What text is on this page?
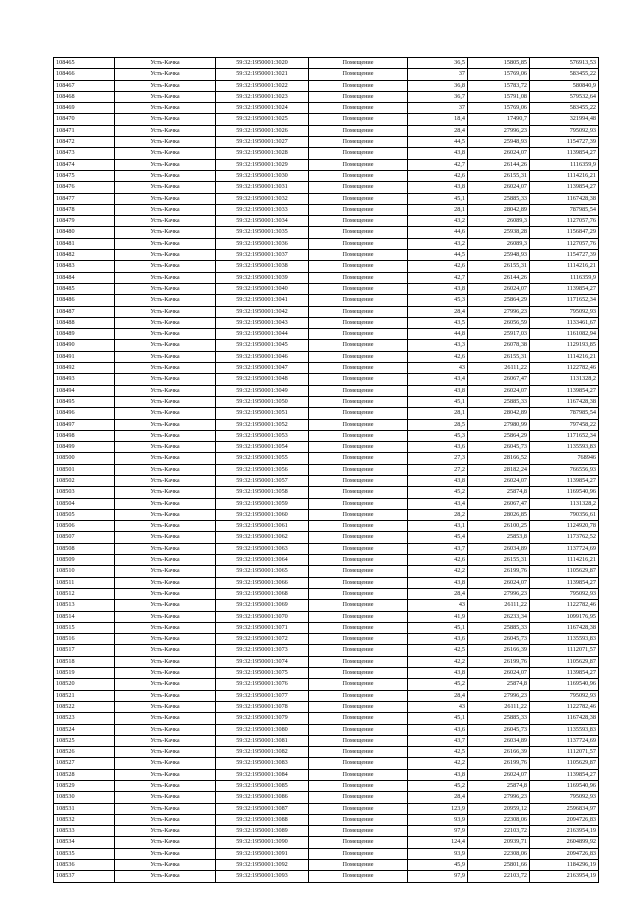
108465	Усть-Качка	59:32:1950001:3020	Помещение	36,5	15805,85	576913,53
108466	Усть-Качка	59:32:1950001:3021	Помещение	37	15769,06	583455,22
108467	Усть-Качка	59:32:1950001:3022	Помещение	36,8	15783,72	580840,9
108468	Усть-Качка	59:32:1950001:3023	Помещение	36,7	15791,08	579532,64
108469	Усть-Качка	59:32:1950001:3024	Помещение	37	15769,06	583455,22
108470	Усть-Качка	59:32:1950001:3025	Помещение	18,4	17490,7	321994,48
108471	Усть-Качка	59:32:1950001:3026	Помещение	28,4	27996,23	795092,93
108472	Усть-Качка	59:32:1950001:3027	Помещение	44,5	25948,93	1154727,39
108473	Усть-Качка	59:32:1950001:3028	Помещение	43,8	26024,07	1139854,27
108474	Усть-Качка	59:32:1950001:3029	Помещение	42,7	26144,26	1116359,9
108475	Усть-Качка	59:32:1950001:3030	Помещение	42,6	26155,31	1114216,21
108476	Усть-Качка	59:32:1950001:3031	Помещение	43,8	26024,07	1139854,27
108477	Усть-Качка	59:32:1950001:3032	Помещение	45,1	25885,33	1167428,38
108478	Усть-Качка	59:32:1950001:3033	Помещение	28,1	28042,89	787985,54
108479	Усть-Качка	59:32:1950001:3034	Помещение	43,2	26089,3	1127057,76
108480	Усть-Качка	59:32:1950001:3035	Помещение	44,6	25938,28	1156847,29
108481	Усть-Качка	59:32:1950001:3036	Помещение	43,2	26089,3	1127057,76
108482	Усть-Качка	59:32:1950001:3037	Помещение	44,5	25948,93	1154727,39
108483	Усть-Качка	59:32:1950001:3038	Помещение	42,6	26155,31	1114216,21
108484	Усть-Качка	59:32:1950001:3039	Помещение	42,7	26144,26	1116359,9
108485	Усть-Качка	59:32:1950001:3040	Помещение	43,8	26024,07	1139854,27
108486	Усть-Качка	59:32:1950001:3041	Помещение	45,3	25864,29	1171652,34
108487	Усть-Качка	59:32:1950001:3042	Помещение	28,4	27996,23	795092,93
108488	Усть-Качка	59:32:1950001:3043	Помещение	43,5	26056,59	1133461,67
108489	Усть-Качка	59:32:1950001:3044	Помещение	44,8	25917,03	1161082,94
108490	Усть-Качка	59:32:1950001:3045	Помещение	43,3	26078,38	1129193,85
108491	Усть-Качка	59:32:1950001:3046	Помещение	42,6	26155,31	1114216,21
108492	Усть-Качка	59:32:1950001:3047	Помещение	43	26111,22	1122782,46
108493	Усть-Качка	59:32:1950001:3048	Помещение	43,4	26067,47	1131328,2
108494	Усть-Качка	59:32:1950001:3049	Помещение	43,8	26024,07	1139854,27
108495	Усть-Качка	59:32:1950001:3050	Помещение	45,1	25885,33	1167428,38
108496	Усть-Качка	59:32:1950001:3051	Помещение	28,1	28042,89	787985,54
108497	Усть-Качка	59:32:1950001:3052	Помещение	28,5	27980,99	797458,22
108498	Усть-Качка	59:32:1950001:3053	Помещение	45,3	25864,29	1171652,34
108499	Усть-Качка	59:32:1950001:3054	Помещение	43,6	26045,73	1135593,83
108500	Усть-Качка	59:32:1950001:3055	Помещение	27,3	28166,52	768946
108501	Усть-Качка	59:32:1950001:3056	Помещение	27,2	28182,24	766556,93
108502	Усть-Качка	59:32:1950001:3057	Помещение	43,8	26024,07	1139854,27
108503	Усть-Качка	59:32:1950001:3058	Помещение	45,2	25874,8	1169540,96
108504	Усть-Качка	59:32:1950001:3059	Помещение	43,4	26067,47	1131328,2
108505	Усть-Качка	59:32:1950001:3060	Помещение	28,2	28026,85	790356,61
108506	Усть-Качка	59:32:1950001:3061	Помещение	43,1	26100,25	1124920,78
108507	Усть-Качка	59:32:1950001:3062	Помещение	45,4	25853,8	1173762,52
108508	Усть-Качка	59:32:1950001:3063	Помещение	43,7	26034,89	1137724,69
108509	Усть-Качка	59:32:1950001:3064	Помещение	42,6	26155,31	1114216,21
108510	Усть-Качка	59:32:1950001:3065	Помещение	42,2	26199,76	1105629,87
108511	Усть-Качка	59:32:1950001:3066	Помещение	43,8	26024,07	1139854,27
108512	Усть-Качка	59:32:1950001:3068	Помещение	28,4	27996,23	795092,93
108513	Усть-Качка	59:32:1950001:3069	Помещение	43	26111,22	1122782,46
108514	Усть-Качка	59:32:1950001:3070	Помещение	41,9	26233,34	1099176,95
108515	Усть-Качка	59:32:1950001:3071	Помещение	45,1	25885,33	1167428,38
108516	Усть-Качка	59:32:1950001:3072	Помещение	43,6	26045,73	1135593,83
108517	Усть-Качка	59:32:1950001:3073	Помещение	42,5	26166,39	1112071,57
108518	Усть-Качка	59:32:1950001:3074	Помещение	42,2	26199,76	1105629,87
108519	Усть-Качка	59:32:1950001:3075	Помещение	43,8	26024,07	1139854,27
108520	Усть-Качка	59:32:1950001:3076	Помещение	45,2	25874,8	1169540,96
108521	Усть-Качка	59:32:1950001:3077	Помещение	28,4	27996,23	795092,93
108522	Усть-Качка	59:32:1950001:3078	Помещение	43	26111,22	1122782,46
108523	Усть-Качка	59:32:1950001:3079	Помещение	45,1	25885,33	1167428,38
108524	Усть-Качка	59:32:1950001:3080	Помещение	43,6	26045,73	1135593,83
108525	Усть-Качка	59:32:1950001:3081	Помещение	43,7	26034,89	1137724,69
108526	Усть-Качка	59:32:1950001:3082	Помещение	42,5	26166,39	1112071,57
108527	Усть-Качка	59:32:1950001:3083	Помещение	42,2	26199,76	1105629,87
108528	Усть-Качка	59:32:1950001:3084	Помещение	43,8	26024,07	1139854,27
108529	Усть-Качка	59:32:1950001:3085	Помещение	45,2	25874,8	1169540,96
108530	Усть-Качка	59:32:1950001:3086	Помещение	28,4	27996,23	795092,93
108531	Усть-Качка	59:32:1950001:3087	Помещение	123,9	20959,12	2596834,97
108532	Усть-Качка	59:32:1950001:3088	Помещение	93,9	22308,06	2094726,83
108533	Усть-Качка	59:32:1950001:3089	Помещение	97,9	22103,72	2163954,19
108534	Усть-Качка	59:32:1950001:3090	Помещение	124,4	20939,71	2604899,92
108535	Усть-Качка	59:32:1950001:3091	Помещение	93,9	22308,06	2094726,83
108536	Усть-Качка	59:32:1950001:3092	Помещение	45,9	25801,66	1184296,19
108537	Усть-Качка	59:32:1950001:3093	Помещение	97,9	22103,72	2163954,19
